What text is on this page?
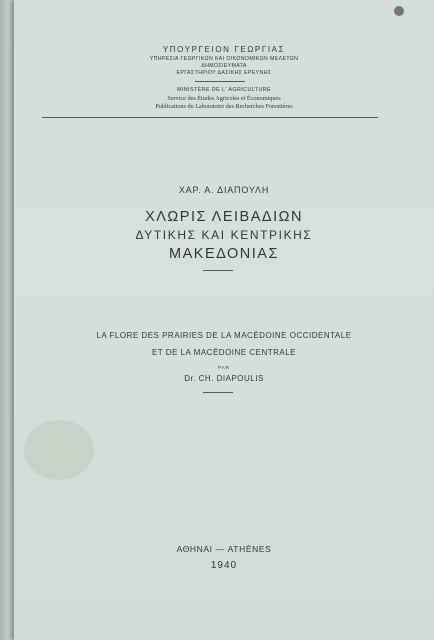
ΥΠΟΥΡΓΕΙΟΝ ΓΕΩΡΓΙΑΣ
ΥΠΗΡΕΣΙΑ ΓΕΩΡΓΙΚΩΝ ΚΑΙ ΟΙΚΟΝΟΜΙΚΩΝ ΜΕΛΕΤΩΝ
ΔΗΜΟΣΙΕΥΜΑΤΑ
ΕΡΓΑΣΤΗΡΙΟΥ ΔΑΣΙΚΗΣ ΕΡΕΥΝΗΣ
MINISTÈRE DE L' AGRICULTURE
Service des Études Agricoles et Économiques
Publications du Laboratoire des Recherches Forestières
ΧΑΡ. Α. ΔΙΑΠΟΥΛΗ
ΧΛΩΡΙΣ ΛΕΙΒΑΔΙΩΝ
ΔΥΤΙΚΗΣ ΚΑΙ ΚΕΝΤΡΙΚΗΣ
ΜΑΚΕΔΟΝΙΑΣ
LA FLORE DES PRAIRIES DE LA MACÉDOINE OCCIDENTALE
ET DE LA MACÉDOINE CENTRALE
PAR
Dr. CH. DIAPOULIS
ΑΘΗΝΑΙ — ATHÈNES
1940
